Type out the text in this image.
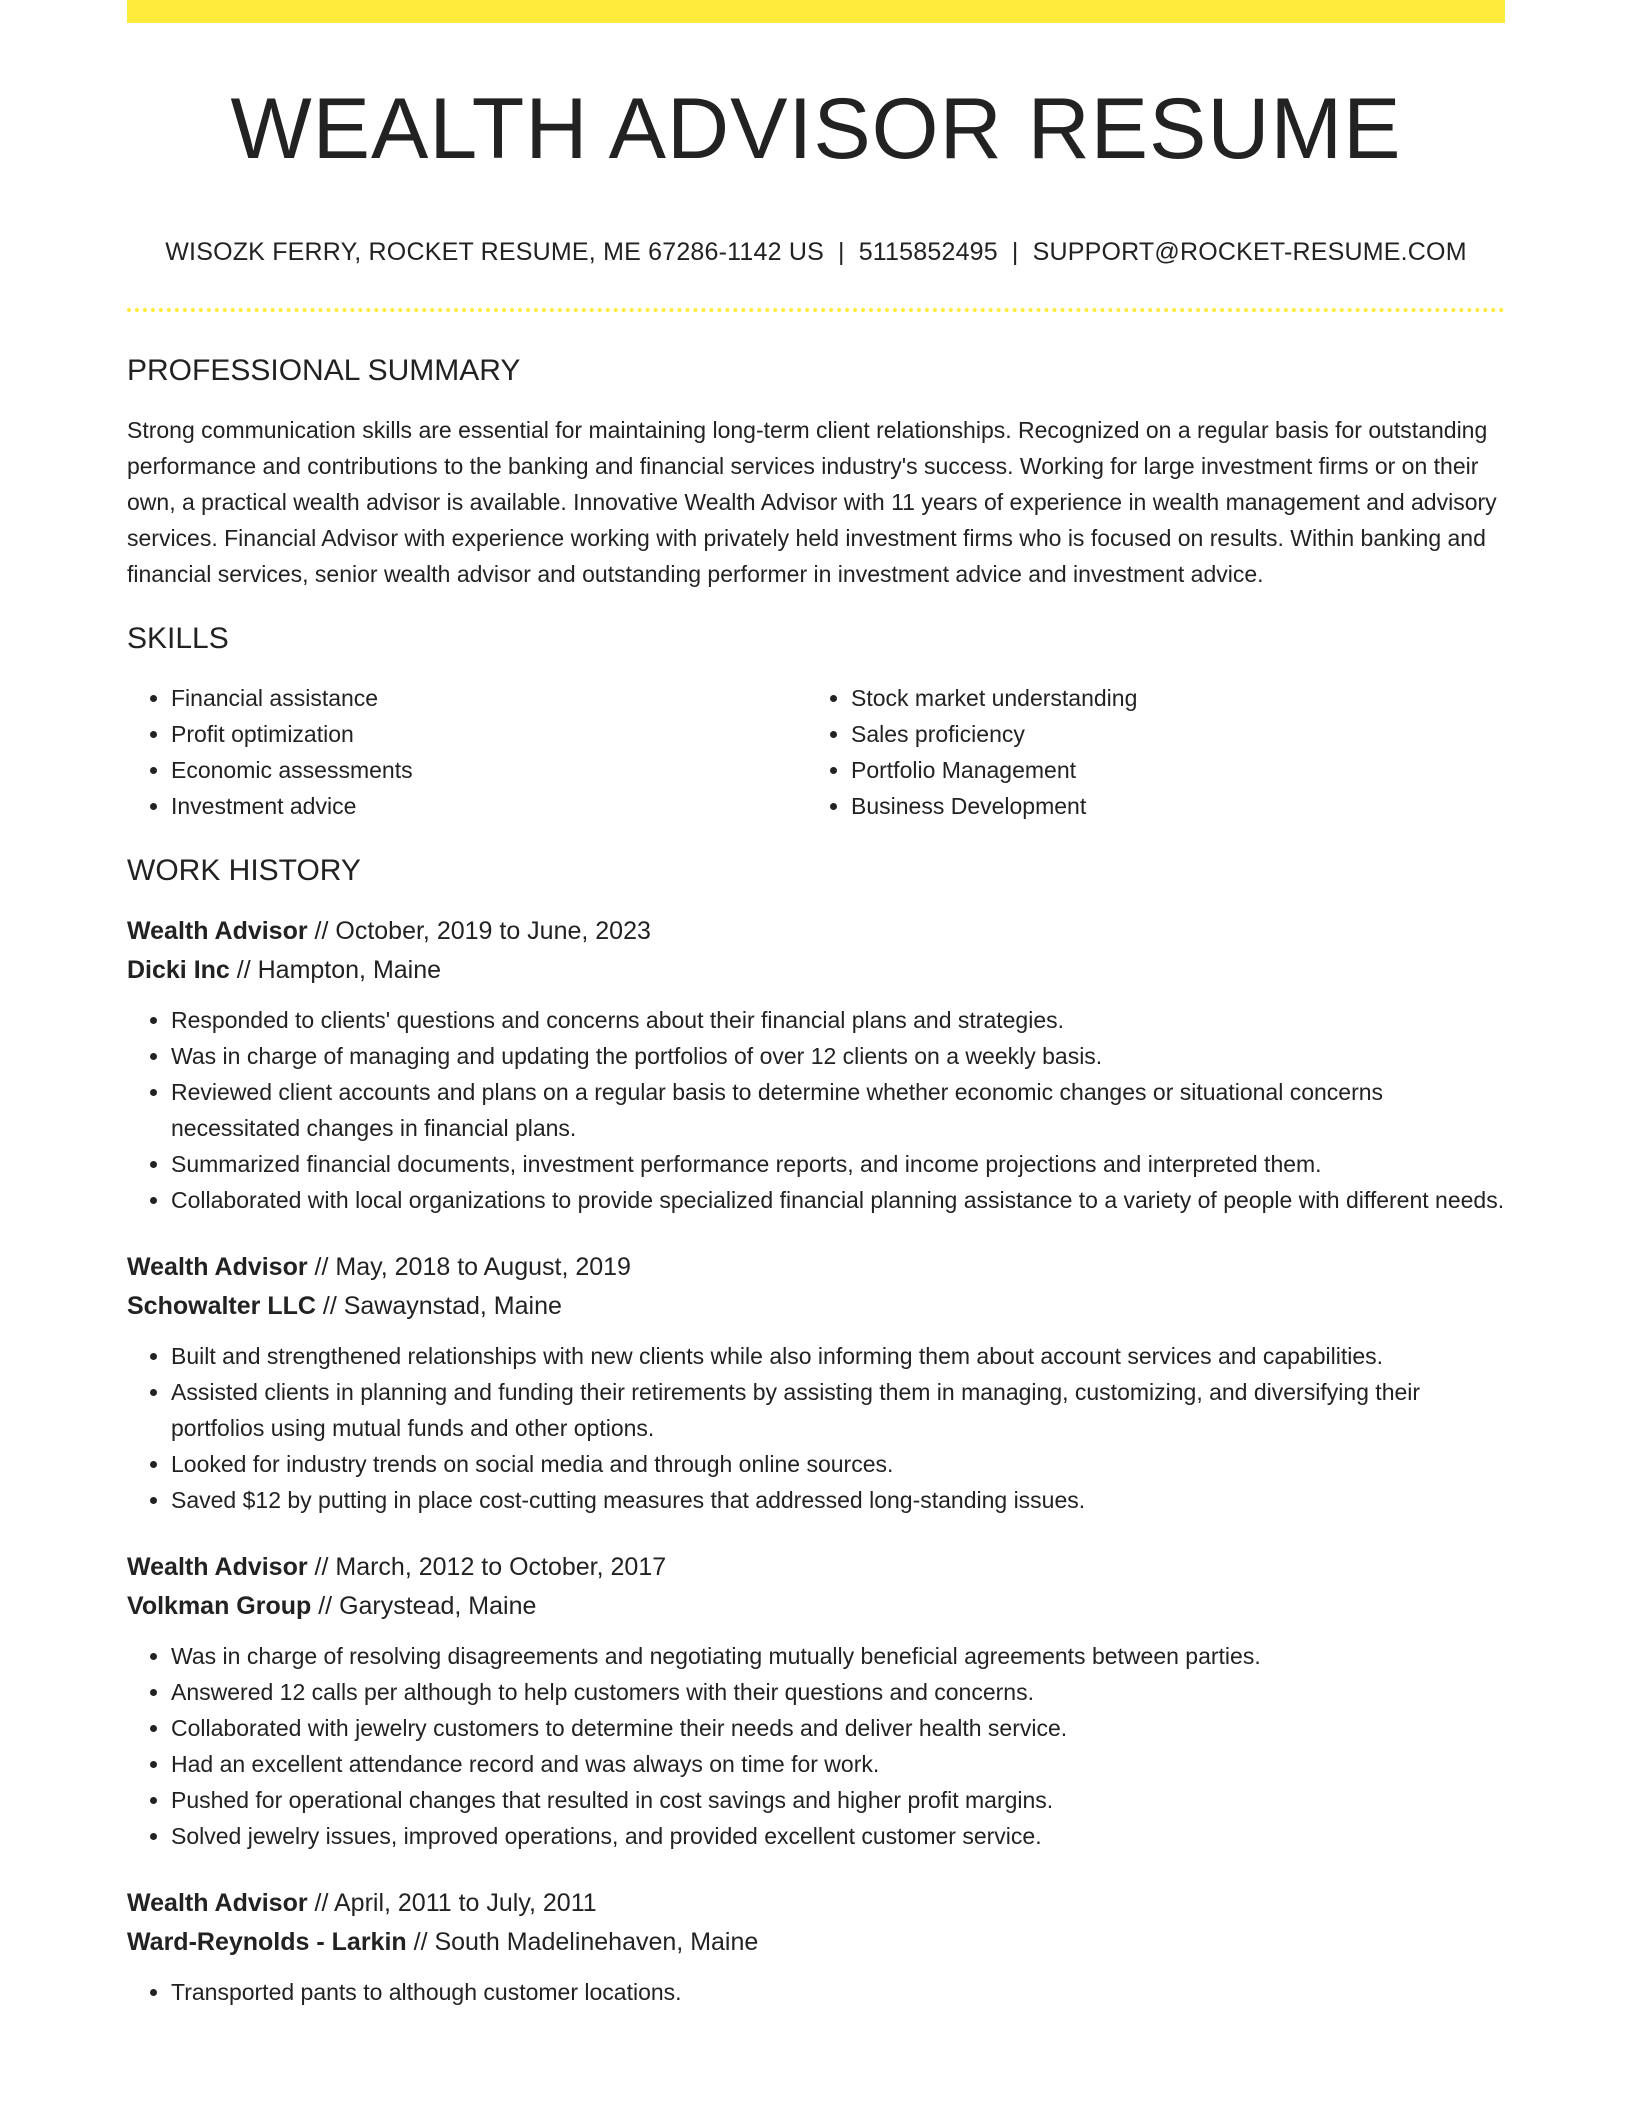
WEALTH ADVISOR RESUME
WISOZK FERRY, ROCKET RESUME, ME 67286-1142 US | 5115852495 | SUPPORT@ROCKET-RESUME.COM
PROFESSIONAL SUMMARY

Strong communication skills are essential for maintaining long-term client relationships. Recognized on a regular basis for outstanding performance and contributions to the banking and financial services industry's success. Working for large investment firms or on their own, a practical wealth advisor is available. Innovative Wealth Advisor with 11 years of experience in wealth management and advisory services. Financial Advisor with experience working with privately held investment firms who is focused on results. Within banking and financial services, senior wealth advisor and outstanding performer in investment advice and investment advice.

SKILLS
• Financial assistance
• Profit optimization
• Economic assessments
• Investment advice
• Stock market understanding
• Sales proficiency
• Portfolio Management
• Business Development
WORK HISTORY
Wealth Advisor // October, 2019 to June, 2023
Dicki Inc // Hampton, Maine
• Responded to clients' questions and concerns about their financial plans and strategies.
• Was in charge of managing and updating the portfolios of over 12 clients on a weekly basis.
• Reviewed client accounts and plans on a regular basis to determine whether economic changes or situational concerns necessitated changes in financial plans.
• Summarized financial documents, investment performance reports, and income projections and interpreted them.
• Collaborated with local organizations to provide specialized financial planning assistance to a variety of people with different needs.
Wealth Advisor // May, 2018 to August, 2019
Schowalter LLC // Sawaynstad, Maine
• Built and strengthened relationships with new clients while also informing them about account services and capabilities.
• Assisted clients in planning and funding their retirements by assisting them in managing, customizing, and diversifying their portfolios using mutual funds and other options.
• Looked for industry trends on social media and through online sources.
• Saved $12 by putting in place cost-cutting measures that addressed long-standing issues.
Wealth Advisor // March, 2012 to October, 2017
Volkman Group // Garystead, Maine
• Was in charge of resolving disagreements and negotiating mutually beneficial agreements between parties.
• Answered 12 calls per although to help customers with their questions and concerns.
• Collaborated with jewelry customers to determine their needs and deliver health service.
• Had an excellent attendance record and was always on time for work.
• Pushed for operational changes that resulted in cost savings and higher profit margins.
• Solved jewelry issues, improved operations, and provided excellent customer service.
Wealth Advisor // April, 2011 to July, 2011
Ward-Reynolds - Larkin // South Madelinehaven, Maine
• Transported pants to although customer locations.
